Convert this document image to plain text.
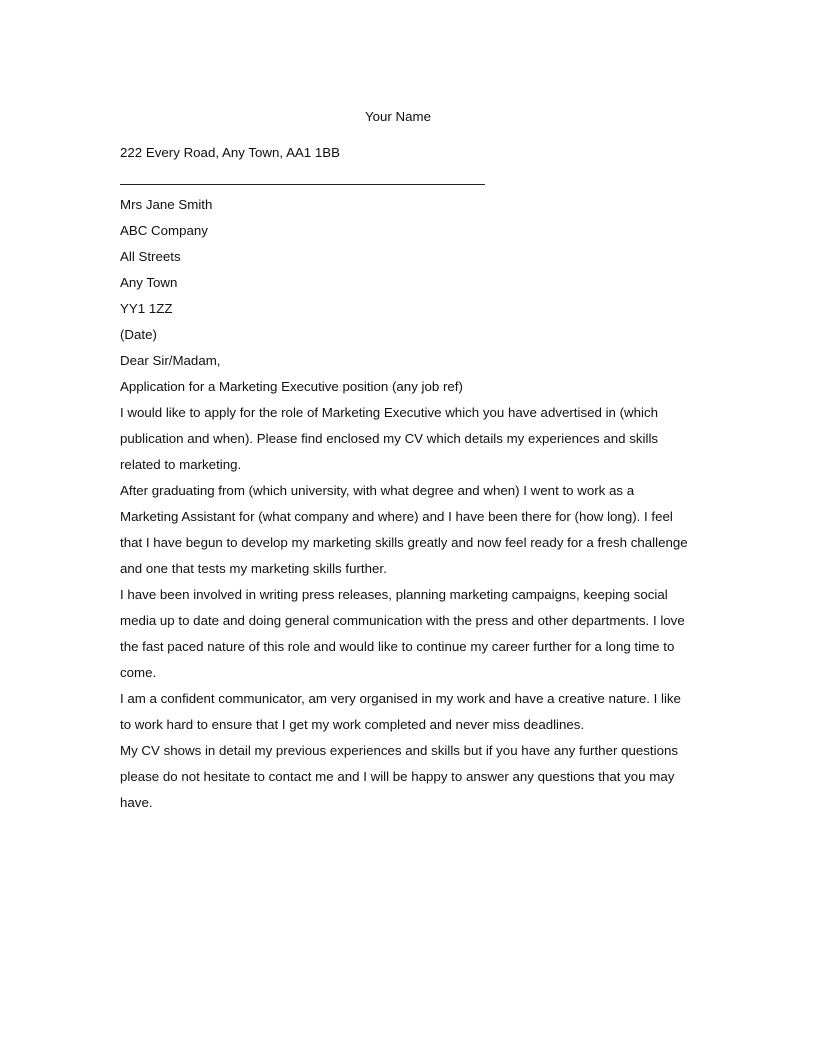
Your Name
222 Every Road, Any Town, AA1 1BB
Mrs Jane Smith
ABC Company
All Streets
Any Town
YY1 1ZZ
(Date)
Dear Sir/Madam,
Application for a Marketing Executive position (any job ref)

I would like to apply for the role of Marketing Executive which you have advertised in (which
publication and when). Please find enclosed my CV which details my experiences and skills
related to marketing.

After graduating from (which university, with what degree and when) I went to work as a
Marketing Assistant for (what company and where) and I have been there for (how long). I feel
that I have begun to develop my marketing skills greatly and now feel ready for a fresh challenge
and one that tests my marketing skills further.

I have been involved in writing press releases, planning marketing campaigns, keeping social
media up to date and doing general communication with the press and other departments. I love
the fast paced nature of this role and would like to continue my career further for a long time to
come.

I am a confident communicator, am very organised in my work and have a creative nature. I like
to work hard to ensure that I get my work completed and never miss deadlines.

My CV shows in detail my previous experiences and skills but if you have any further questions
please do not hesitate to contact me and I will be happy to answer any questions that you may
have.
